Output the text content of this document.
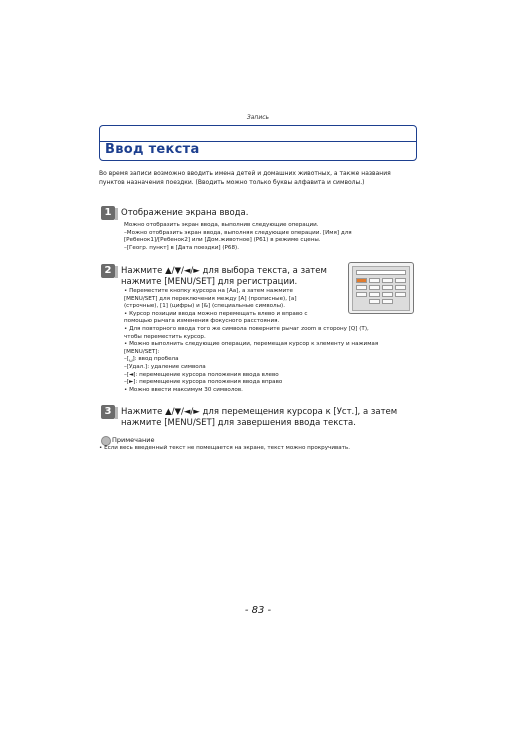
Запись
Ввод текста
Во время записи возможно вводить имена детей и домашних животных, а также названия пунктов назначения поездки. (Вводить можно только буквы алфавита и символы.)
1	Отображение экрана ввода.

Можно отобразить экран ввода, выполнив следующие операции.

–Можно отобразить экран ввода, выполняя следующие операции. [Имя] для

[Ребенок1]/[Ребенок2] или [Дом.животное] (P61) в режиме сцены.

–[Геогр. пункт] в [Дата поездки] (P68).

2	Нажмите ▲/▼/◄/► для выбора текста, а затем нажмите [MENU/SET] для регистрации.

• Переместите кнопку курсора на [Aa], а затем нажмите

[MENU/SET] для переключения между [A] (прописные), [a]

(строчные), [1] (цифры) и [&] (специальные символы).

• Курсор позиции ввода можно перемещать влево и вправо с

помощью рычага изменения фокусного расстояния.

• Для повторного ввода того же символа поверните рычаг zoom в сторону [Q] (T),

чтобы переместить курсор.

• Можно выполнить следующие операции, перемещая курсор к элементу и нажимая

[MENU/SET]:

–[␣]: ввод пробела

–[Удал.]: удаление символа

–[◄]: перемещение курсора положения ввода влево

–[►]: перемещение курсора положения ввода вправо

• Можно ввести максимум 30 символов.

3	Нажмите ▲/▼/◄/► для перемещения курсора к [Уст.], а затем нажмите [MENU/SET] для завершения ввода текста.
Примечание
• Если весь введенный текст не помещается на экране, текст можно прокручивать.
- 83 -
